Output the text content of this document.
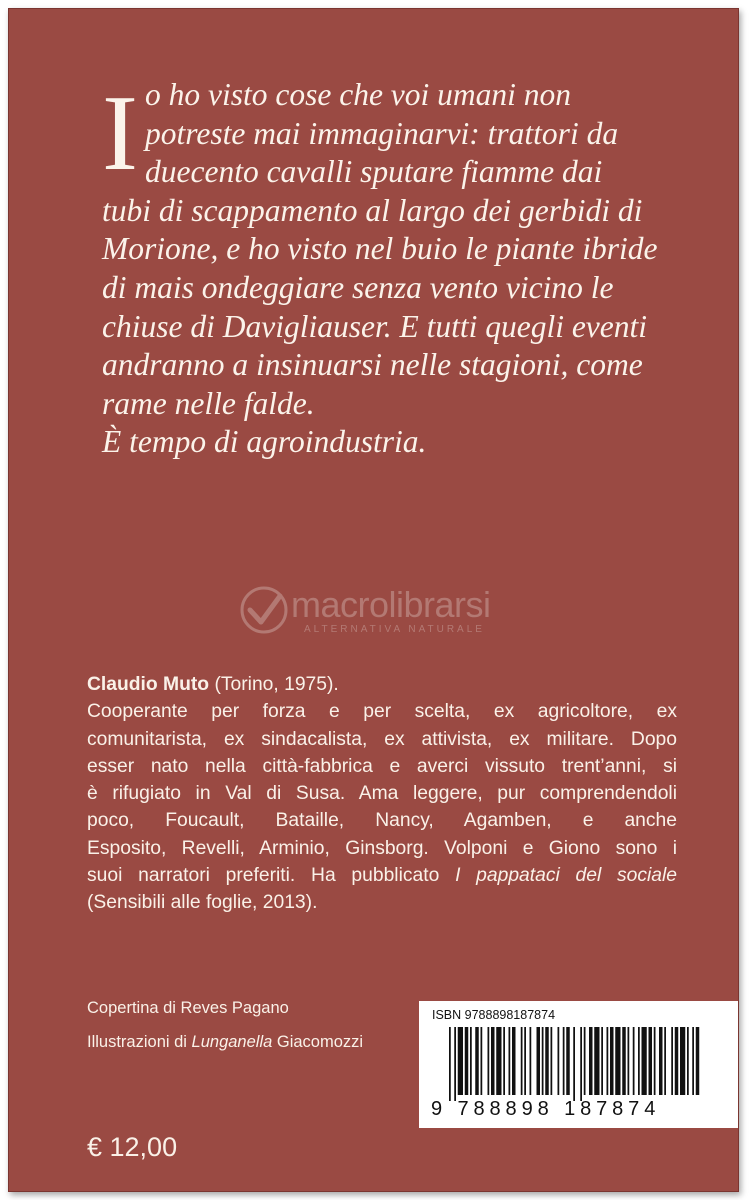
I o ho visto cose che voi umani non
potreste mai immaginarvi: trattori da
duecento cavalli sputare fiamme dai
tubi di scappamento al largo dei gerbidi di
Morione, e ho visto nel buio le piante ibride
di mais ondeggiare senza vento vicino le
chiuse di Davigliauser. E tutti quegli eventi
andranno a insinuarsi nelle stagioni, come
rame nelle falde.
È tempo di agroindustria.
macrolibrarsi
ALTERNATIVA NATURALE
Claudio Muto (Torino, 1975).
Cooperante per forza e per scelta, ex agricoltore, ex
comunitarista, ex sindacalista, ex attivista, ex militare. Dopo
esser nato nella città-fabbrica e averci vissuto trent’anni, si
è rifugiato in Val di Susa. Ama leggere, pur comprendendoli
poco, Foucault, Bataille, Nancy, Agamben, e anche
Esposito, Revelli, Arminio, Ginsborg. Volponi e Giono sono i
suoi narratori preferiti. Ha pubblicato I pappataci del sociale
(Sensibili alle foglie, 2013).
Copertina di Reves Pagano
Illustrazioni di Lunganella Giacomozzi
€ 12,00
ISBN 9788898187874
9 788898 187874
